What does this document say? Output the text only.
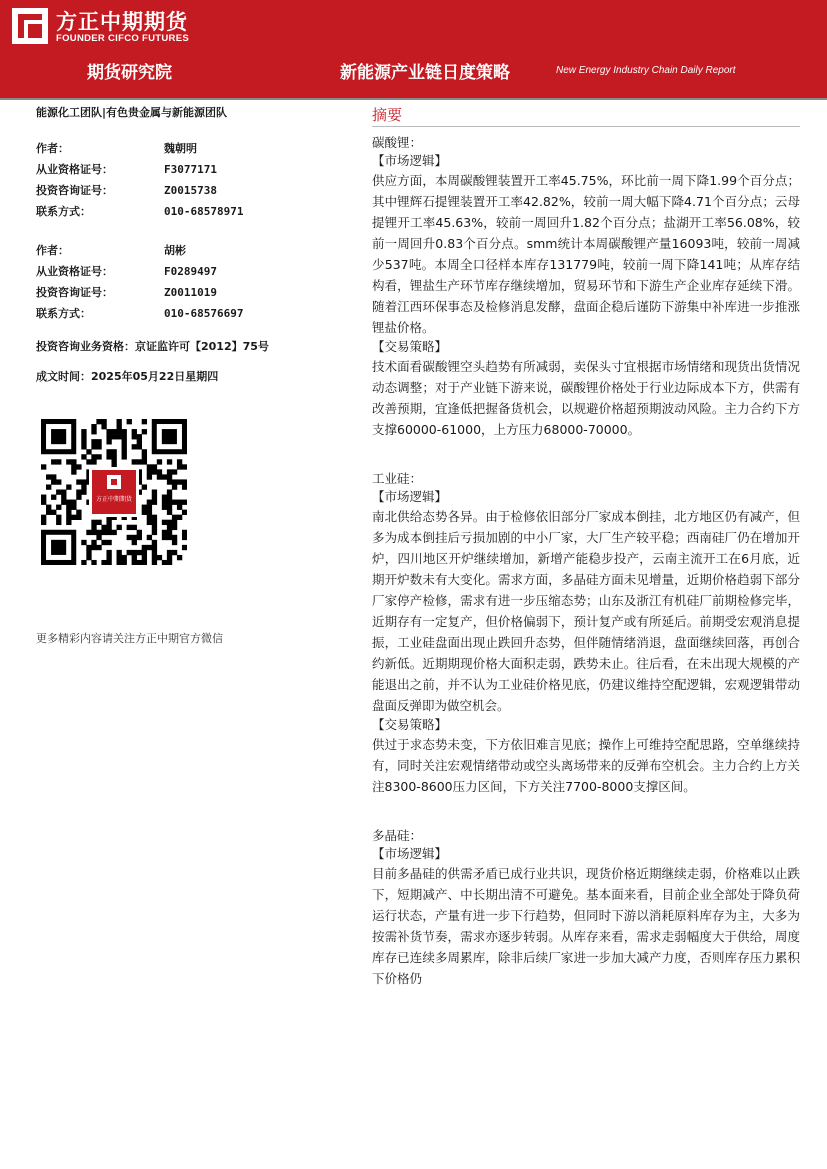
方正中期期货
FOUNDER CIFCO FUTURES
期货研究院	新能源产业链日度策略	New Energy Industry Chain Daily Report
能源化工团队|有色贵金属与新能源团队
作者：	魏朝明
从业资格证号：	F3077171
投资咨询证号：	Z0015738
联系方式：	010-68578971
作者：	胡彬
从业资格证号：	F0289497
投资咨询证号：	Z0011019
联系方式：	010-68576697
投资咨询业务资格：京证监许可【2012】75号
成文时间：2025年05月22日星期四
方正中期期货
更多精彩内容请关注方正中期官方微信
摘要
碳酸锂：
【市场逻辑】

供应方面，本周碳酸锂装置开工率45.75%，环比前一周下降1.99个百分点；其中锂辉石提锂装置开工率42.82%，较前一周大幅下降4.71个百分点；云母提锂开工率45.63%，较前一周回升1.82个百分点；盐湖开工率56.08%，较前一周回升0.83个百分点。smm统计本周碳酸锂产量16093吨，较前一周减少537吨。本周全口径样本库存131779吨，较前一周下降141吨；从库存结构看，锂盐生产环节库存继续增加，贸易环节和下游生产企业库存延续下滑。随着江西环保事态及检修消息发酵，盘面企稳后谨防下游集中补库进一步推涨锂盐价格。

【交易策略】

技术面看碳酸锂空头趋势有所减弱，卖保头寸宜根据市场情绪和现货出货情况动态调整；对于产业链下游来说，碳酸锂价格处于行业边际成本下方，供需有改善预期，宜逢低把握备货机会，以规避价格超预期波动风险。主力合约下方支撑60000-61000，上方压力68000-70000。

工业硅：
【市场逻辑】

南北供给态势各异。由于检修依旧部分厂家成本倒挂，北方地区仍有减产，但多为成本倒挂后亏损加剧的中小厂家，大厂生产较平稳；西南硅厂仍在增加开炉，四川地区开炉继续增加，新增产能稳步投产，云南主流开工在6月底，近期开炉数未有大变化。需求方面，多晶硅方面未见增量，近期价格趋弱下部分厂家停产检修，需求有进一步压缩态势；山东及浙江有机硅厂前期检修完毕，近期存有一定复产，但价格偏弱下，预计复产或有所延后。前期受宏观消息提振，工业硅盘面出现止跌回升态势，但伴随情绪消退，盘面继续回落，再创合约新低。近期期现价格大面积走弱，跌势未止。往后看，在未出现大规模的产能退出之前，并不认为工业硅价格见底，仍建议维持空配逻辑，宏观逻辑带动盘面反弹即为做空机会。

【交易策略】

供过于求态势未变，下方依旧难言见底；操作上可维持空配思路，空单继续持有，同时关注宏观情绪带动或空头离场带来的反弹布空机会。主力合约上方关注8300-8600压力区间，下方关注7700-8000支撑区间。

多晶硅：
【市场逻辑】

目前多晶硅的供需矛盾已成行业共识，现货价格近期继续走弱，价格难以止跌下，短期减产、中长期出清不可避免。基本面来看，目前企业全部处于降负荷运行状态，产量有进一步下行趋势，但同时下游以消耗原料库存为主，大多为按需补货节奏，需求亦逐步转弱。从库存来看，需求走弱幅度大于供给，周度库存已连续多周累库，除非后续厂家进一步加大减产力度，否则库存压力累积下价格仍
